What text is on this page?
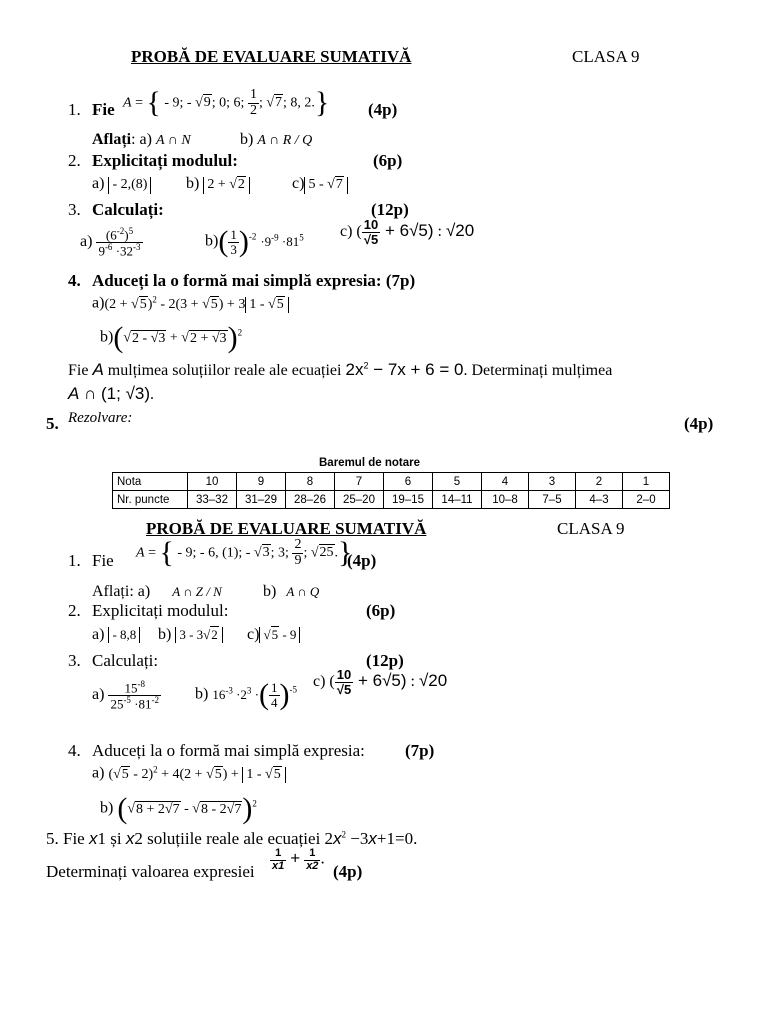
PROBĂ DE EVALUARE SUMATIVĂ	CLASA 9
1. Fie A = { - 9; - √9; 0; 6; $\frac{1}{2}$ ; √7; 8, 2.} (4p)
Aflați: a) A ∩ N	b) A ∩ R / Q
2. Explicitați modulul:	(6p)
a) - 2,(8) b) 2 + √2	c) 5 - √7
3. Calculați:	(12p)
$a) \frac{(6^{-2})^5}{9^{-6} \cdot 32^{-3}}$	$b)( \frac{1}{3} )^{-2} \cdot 9^{-9} \cdot 81^5$ c) ( $\frac{10}{√5} + 6√5$) : √20
4. Aduceți la o formă mai simplă expresia: (7p)
$a)(2 + √5)^2 - 2(3 + √5) + 3$ 1 - √5
$b)(√2 - √3 + √2 + √3)^2$
Fie A mulțimea soluțiilor reale ale ecuației $2x^2 - 7x + 6 = 0$. Determinați mulțimea
A ∩ (1; √3).
Rezolvare:
5.	(4p)
Baremul de notare
Nota	10	9	8	7	6	5	4	3	2	1
Nr. puncte	33–32	31–29	28–26	25–20	19–15	14–11	10–8	7–5	4–3	2–0
PROBĂ DE EVALUARE SUMATIVĂ	CLASA 9
1. Fie A = { - 9; - 6, (1); - √3; 3; $\frac{2}{9}$ ; √25.}
(4p)
Aflați: a) A ∩ Z / N	b) A ∩ Q
2. Explicitați modulul:	(6p)
a) - 8,8 b) 3 - 3√2	c) √5 - 9
3. Calculați:	(12p)
$a) \frac{15^{-8}}{25^{-5} \cdot 81^{-2}} b$) $16^{-3} \cdot 2^3$ ·( $\frac{1}{4} )^{-5}$ c) ( $\frac{10}{√5} + 6√5$) : √20
4. Aduceți la o formă mai simplă expresia: (7p)
a) (√5 - 2)$^2$ + 4(2 + √5) + 1 - √5
b) $(√8 + 2√7 - √8 - 2√7)^2$
5. Fie x1 și x2 soluțiile reale ale ecuației $2x^2 -3x+1=0$.
Determinați valoarea expresiei $\frac{1}{x1} + \frac{1}{x2}$ .
(4p)
